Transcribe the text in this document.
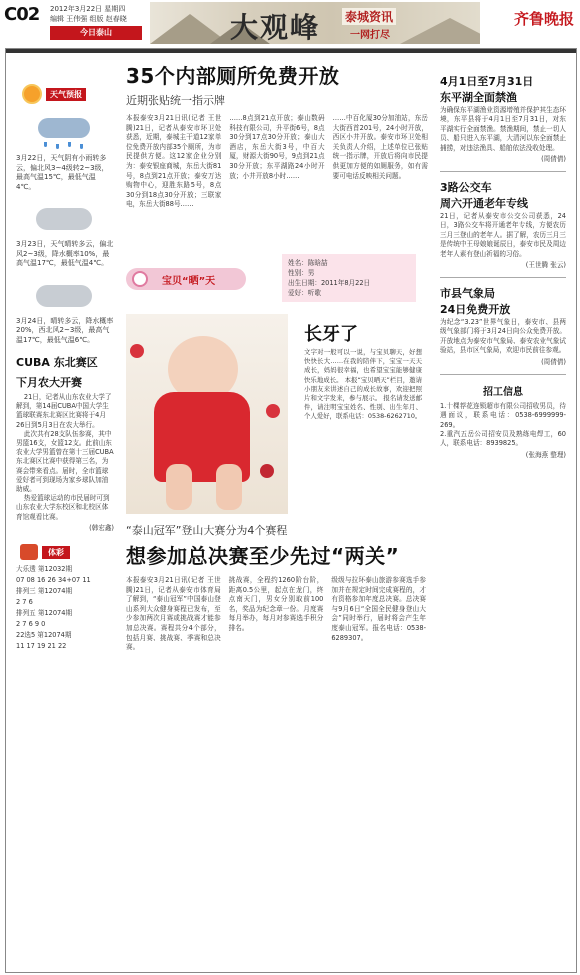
C02 2012年3月22日 星期四
编辑 王伟强 组版 赵春晓
今日泰山	大观峰 泰城资讯
一网打尽
齐鲁晚报
天气预报
3月22日，天气阴有小雨转多云，偏北风3~4级转2~3级，最高气温15℃，最低气温4℃。
3月23日，天气晴转多云，偏北风2~3级，降水概率10%，最高气温17℃，最低气温4℃。
3月24日，晴转多云，降水概率20%，西北风2~3级，最高气温17℃，最低气温6℃。
CUBA 东北赛区
下月农大开赛

21日，记者从山东农业大学了解到，第14届CUBA中国大学生篮球联赛东北赛区比赛将于4月26日到5月3日在农大举行。

此次共有28支队伍参赛，其中男篮16支，女篮12支。此前山东农业大学男篮曾在第十三届CUBA东北赛区比赛中获得第三名，为赛会带来看点。届时，全市篮球爱好者可到现场为家乡球队加油助威。

热爱篮球运动的市民届时可到山东农业大学东校区和北校区体育馆观看比赛。

(韩宏鑫)
体彩
大乐透 第12032期
07 08 16 26 34+07 11
排列三 第12074期
2 7 6
排列五 第12074期
2 7 6 9 0
22选5 第12074期
11 17 19 21 22
35个内部厕所免费开放
近期张贴统一指示牌
本报泰安3月21日讯(记者 王世腾)21日，记者从泰安市环卫处获悉，近期，泰城主干道12家单位免费开放内部35个厕所，为市民提供方便。这12家企业分别为：泰安银座商城，东岳大街81号，8点到21点开放；泰安万达购物中心，迎胜东路5号，8点30分到18点30分开放；三联家电，东岳大街88号……
……8点到21点开放；泰山数码科技有限公司，升平街6号，8点30分到17点30分开放；泰山大酒店，东岳大街3号，中百大厦，财源大街90号，9点到21点30分开放；东平湖路24小时开放；小井开放8小时……
……中百化厦30分加油站，东岳大街西首201号，24小时开放，西区小井开放。泰安市环卫处相关负责人介绍，上述单位已张贴统一指示牌，开放后将向市民提供更加方便的如厕服务，如有需要可电话反映相关问题。
宝贝“晒”天
姓名：陈晗喆
性别：男
出生日期：2011年8月22日
爱好：听歌
长牙了
文字对一般可以一说，与宝贝聊天，好想快快长大……在我的陪伴下，宝宝一天天成长，妈妈很幸福，也希望宝宝能够健康快乐地成长。 本报“宝贝晒天”栏目，邀请小朋友来讲述自己的成长故事，欢迎把照片和文字发来，参与展示。 报名请发送邮件，请注明宝宝姓名、性别、出生年月、个人爱好，联系电话：0538-6262710。
“泰山冠军”登山大赛分为4个赛程
想参加总决赛至少先过“两关”
本报泰安3月21日讯(记者 王世腾)21日，记者从泰安市体育局了解到，“泰山冠军”中国泰山登山系列大众健身赛程已发布，至少参加两次月赛或挑战赛才能参加总决赛。赛程共分4个部分，包括月赛、挑战赛、季赛和总决赛。
挑战赛，全程约1260阶台阶，距离0.5公里，起点在龙门，终点南天门，男女分别取前100名，奖品为纪念章一份。月度赛每月举办，每月对参赛选手积分排名。
级级与拉环泰山旅游参赛选手参加并在规定时间完成赛程的，才有资格参加年度总决赛。总决赛与9月6日“全国全民健身登山大会”同时举行，届时将会产生年度泰山冠军。报名电话：0538-6289307。
4月1日至7月31日
东平湖全面禁渔

为确保东平湖渔业资源增殖并保护其生态环境，东平县将于4月1日至7月31日，对东平湖实行全面禁渔。禁渔期间，禁止一切人员、船只进入东平湖，大清河以东全面禁止捕捞，对违法渔具、船舶依法没收处理。

(周倩倩)
3路公交车
周六开通老年专线

21日，记者从泰安市公交公司获悉，24日，3路公交车将开通老年专线，方便农历三月三登山的老年人。据了解，农历三月三是传统中王母娘娘诞辰日，泰安市民及周边老年人素有登山祈福的习俗。

(王世腾 张云)
市县气象局
24日免费开放

为纪念“3.23”世界气象日，泰安市、县两级气象部门将于3月24日向公众免费开放。开放地点为泰安市气象局、泰安农业气象试验站，县市区气象局，欢迎市民前往参观。

(周倩倩)
招工信息

1.十棵荐花连锁超市有限公司招收男员，待遇面议，联系电话：0538-6999999-269。

2.重汽五岳公司招安员及熟练电焊工，60人，联系电话：8939825。

(张海燕 整理)
